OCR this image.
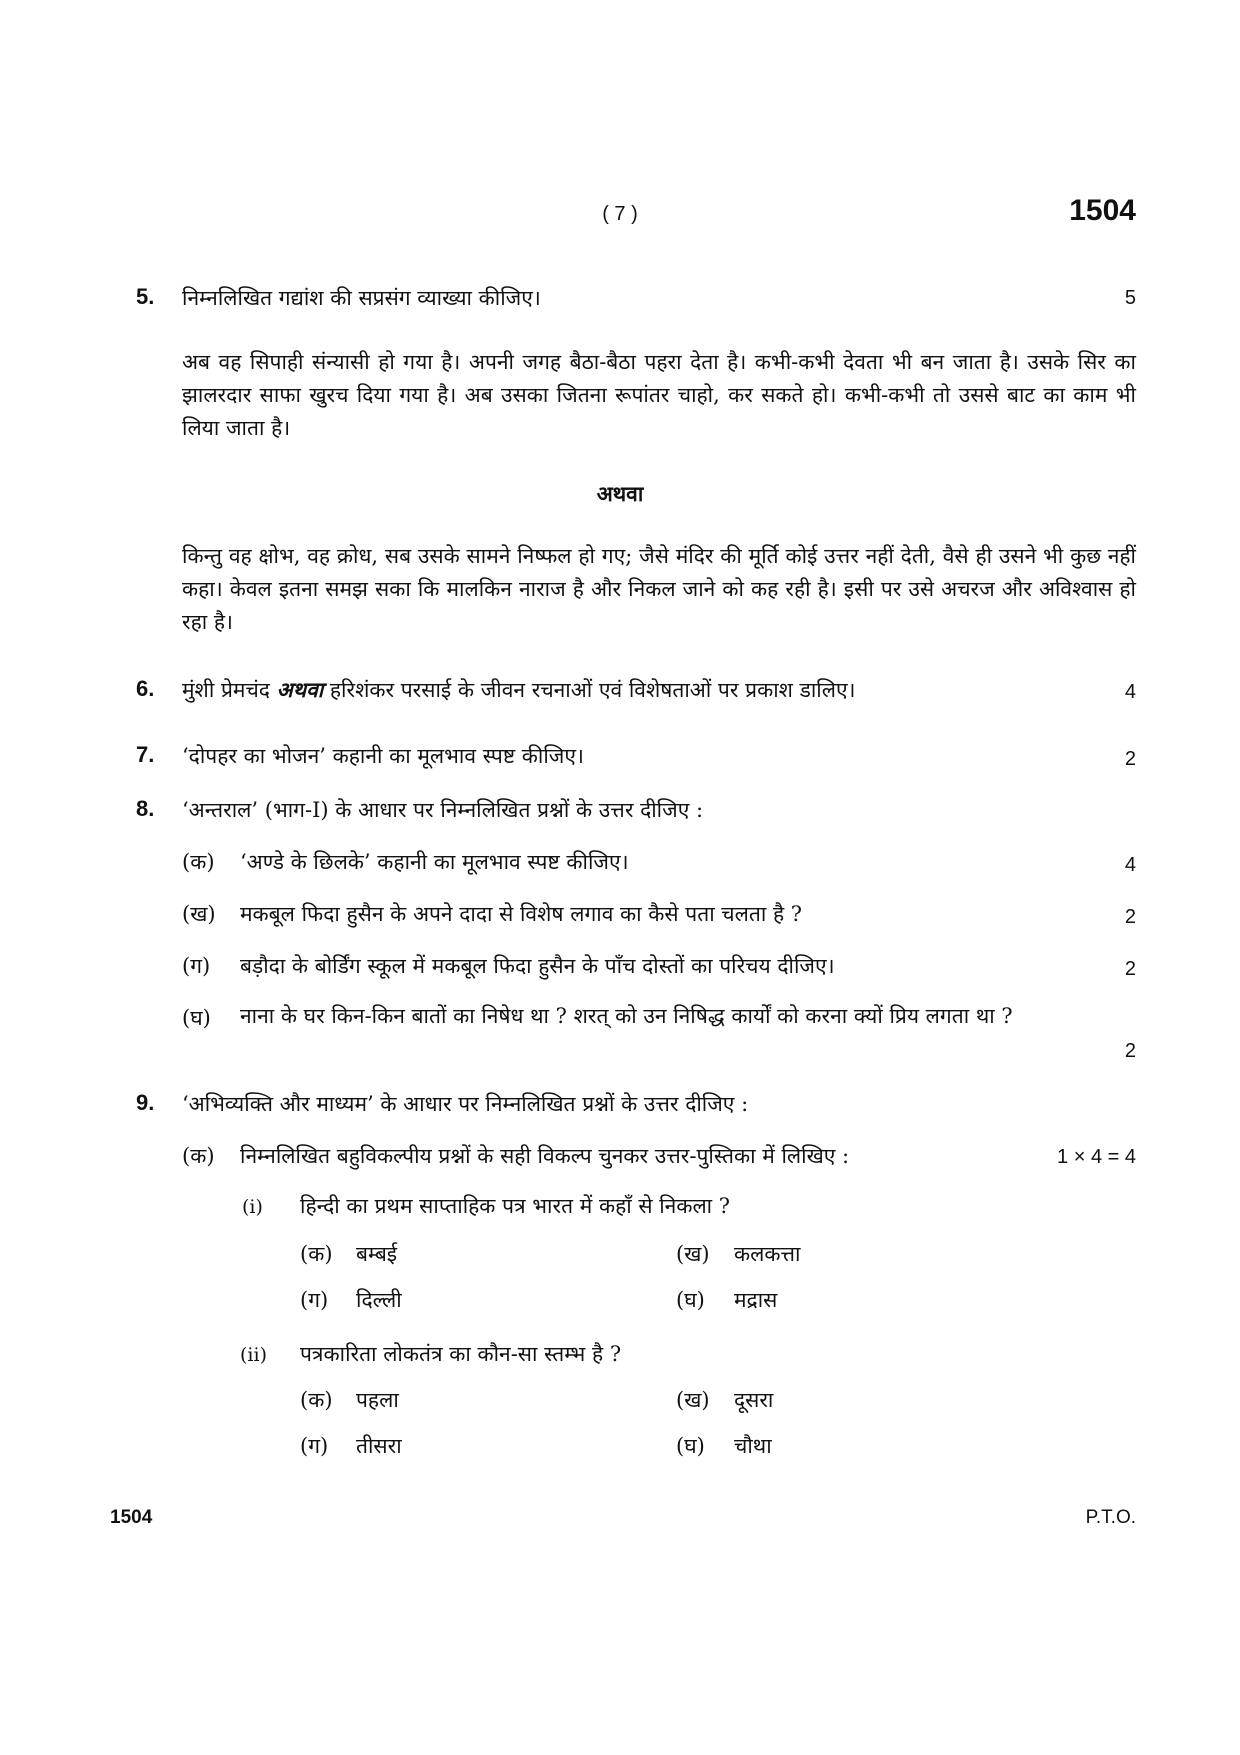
( 7 )	1504
5. निम्नलिखित गद्यांश की सप्रसंग व्याख्या कीजिए।	5
अब वह सिपाही संन्यासी हो गया है। अपनी जगह बैठा-बैठा पहरा देता है। कभी-कभी देवता भी बन जाता है। उसके सिर का झालरदार साफा खुरच दिया गया है। अब उसका जितना रूपांतर चाहो, कर सकते हो। कभी-कभी तो उससे बाट का काम भी लिया जाता है।
अथवा
किन्तु वह क्षोभ, वह क्रोध, सब उसके सामने निष्फल हो गए; जैसे मंदिर की मूर्ति कोई उत्तर नहीं देती, वैसे ही उसने भी कुछ नहीं कहा। केवल इतना समझ सका कि मालकिन नाराज है और निकल जाने को कह रही है। इसी पर उसे अचरज और अविश्वास हो रहा है।
6. मुंशी प्रेमचंद अथवा हरिशंकर परसाई के जीवन रचनाओं एवं विशेषताओं पर प्रकाश डालिए।	4
7. ‘दोपहर का भोजन’ कहानी का मूलभाव स्पष्ट कीजिए।	2
8. ‘अन्तराल’ (भाग-I) के आधार पर निम्नलिखित प्रश्नों के उत्तर दीजिए :
(क) ‘अण्डे के छिलके’ कहानी का मूलभाव स्पष्ट कीजिए।	4
(ख) मकबूल फिदा हुसैन के अपने दादा से विशेष लगाव का कैसे पता चलता है ?	2
(ग) बड़ौदा के बोर्डिंग स्कूल में मकबूल फिदा हुसैन के पाँच दोस्तों का परिचय दीजिए।	2
(घ) नाना के घर किन-किन बातों का निषेध था ? शरत् को उन निषिद्ध कार्यों को करना क्यों प्रिय लगता था ?
2
9. ‘अभिव्यक्ति और माध्यम’ के आधार पर निम्नलिखित प्रश्नों के उत्तर दीजिए :
(क) निम्नलिखित बहुविकल्पीय प्रश्नों के सही विकल्प चुनकर उत्तर-पुस्तिका में लिखिए :	1 × 4 = 4
(i) हिन्दी का प्रथम साप्ताहिक पत्र भारत में कहाँ से निकला ?
(क) बम्बई	(ख) कलकत्ता
(ग) दिल्ली	(घ) मद्रास
(ii) पत्रकारिता लोकतंत्र का कौन-सा स्तम्भ है ?
(क) पहला	(ख) दूसरा
(ग) तीसरा	(घ) चौथा
1504	P.T.O.
